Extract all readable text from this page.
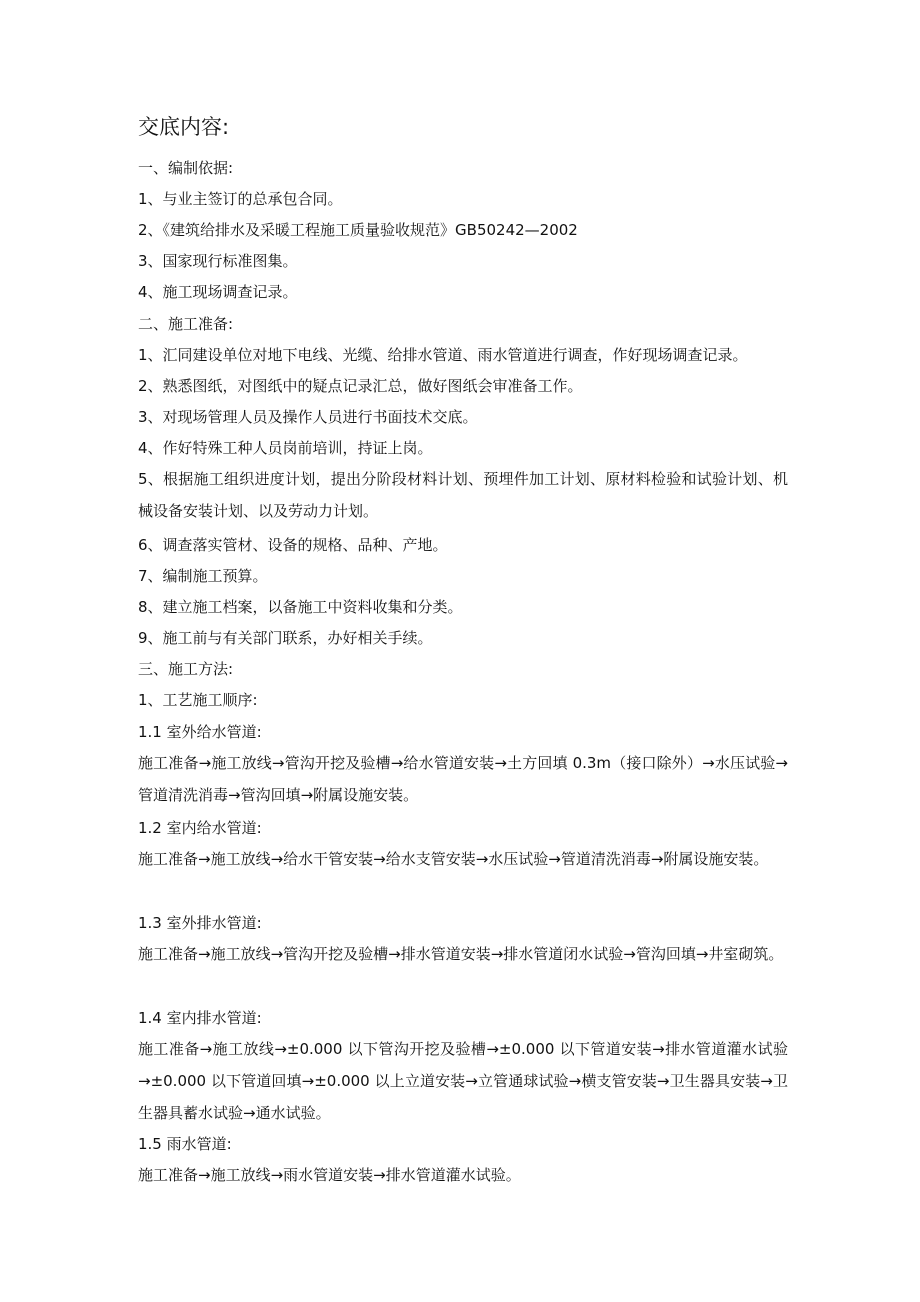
交底内容:
一、编制依据:
1、与业主签订的总承包合同。
2、《建筑给排水及采暖工程施工质量验收规范》GB50242—2002
3、国家现行标准图集。
4、施工现场调查记录。
二、施工准备:
1、汇同建设单位对地下电线、光缆、给排水管道、雨水管道进行调查，作好现场调查记录。
2、熟悉图纸，对图纸中的疑点记录汇总，做好图纸会审准备工作。
3、对现场管理人员及操作人员进行书面技术交底。
4、作好特殊工种人员岗前培训，持证上岗。
5、根据施工组织进度计划，提出分阶段材料计划、预埋件加工计划、原材料检验和试验计划、机械设备安装计划、以及劳动力计划。
6、调查落实管材、设备的规格、品种、产地。
7、编制施工预算。
8、建立施工档案，以备施工中资料收集和分类。
9、施工前与有关部门联系，办好相关手续。
三、施工方法:
1、工艺施工顺序:
1.1 室外给水管道:
施工准备→施工放线→管沟开挖及验槽→给水管道安装→土方回填 0.3m（接口除外）→水压试验→管道清洗消毒→管沟回填→附属设施安装。
1.2 室内给水管道:
施工准备→施工放线→给水干管安装→给水支管安装→水压试验→管道清洗消毒→附属设施安装。
1.3 室外排水管道:
施工准备→施工放线→管沟开挖及验槽→排水管道安装→排水管道闭水试验→管沟回填→井室砌筑。
1.4 室内排水管道:
施工准备→施工放线→±0.000 以下管沟开挖及验槽→±0.000 以下管道安装→排水管道灌水试验→±0.000 以下管道回填→±0.000 以上立道安装→立管通球试验→横支管安装→卫生器具安装→卫生器具蓄水试验→通水试验。
1.5 雨水管道:
施工准备→施工放线→雨水管道安装→排水管道灌水试验。
